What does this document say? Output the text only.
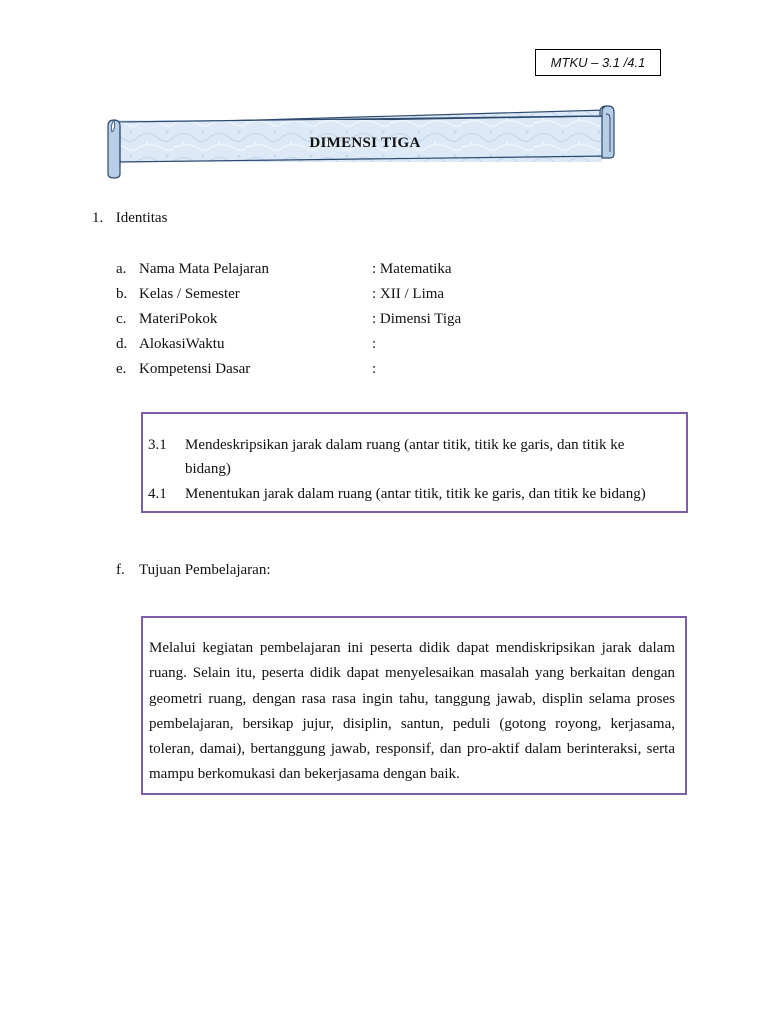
MTKU – 3.1 /4.1
DIMENSI TIGA
1. Identitas
a. Nama Mata Pelajaran	: Matematika
b. Kelas / Semester	: XII / Lima
c. MateriPokok	: Dimensi Tiga
d. AlokasiWaktu	:
e. Kompetensi Dasar	:
3.1 Mendeskripsikan jarak dalam ruang (antar titik, titik ke garis, dan titik ke
bidang)
4.1 Menentukan jarak dalam ruang (antar titik, titik ke garis, dan titik ke bidang)
f. Tujuan Pembelajaran:
Melalui kegiatan pembelajaran ini peserta didik dapat mendiskripsikan jarak dalam ruang. Selain itu, peserta didik dapat menyelesaikan masalah yang berkaitan dengan geometri ruang, dengan rasa rasa ingin tahu, tanggung jawab, displin selama proses pembelajaran, bersikap jujur, disiplin, santun, peduli (gotong royong, kerjasama, toleran, damai), bertanggung jawab, responsif, dan pro-aktif dalam berinteraksi, serta mampu berkomukasi dan bekerjasama dengan baik.
